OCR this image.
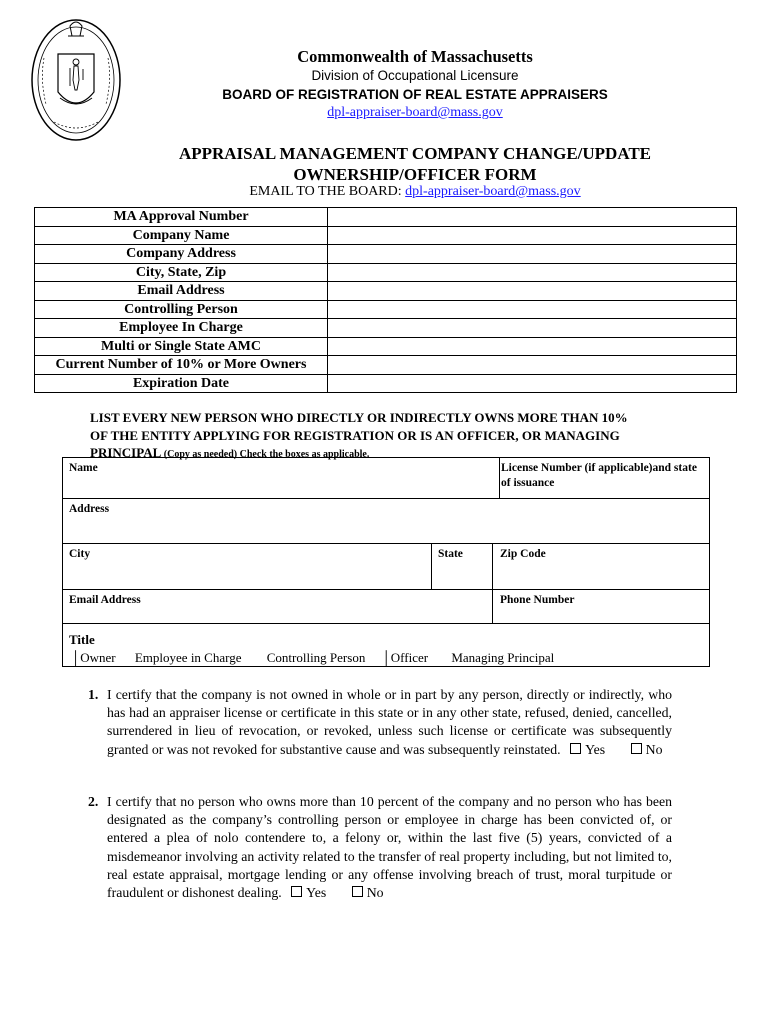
Commonwealth of Massachusetts
Division of Occupational Licensure
BOARD OF REGISTRATION OF REAL ESTATE APPRAISERS
dpl-appraiser-board@mass.gov
APPRAISAL MANAGEMENT COMPANY CHANGE/UPDATE
OWNERSHIP/OFFICER FORM
EMAIL TO THE BOARD: dpl-appraiser-board@mass.gov
MA Approval Number	
Company Name	
Company Address	
City, State, Zip	
Email Address	
Controlling Person	
Employee In Charge	
Multi or Single State AMC	
Current Number of 10% or More Owners	
Expiration Date	
LIST EVERY NEW PERSON WHO DIRECTLY OR INDIRECTLY OWNS MORE THAN 10%
OF THE ENTITY APPLYING FOR REGISTRATION OR IS AN OFFICER, OR MANAGING
PRINCIPAL (Copy as needed) Check the boxes as applicable.
Name	License Number (if applicable)and state of issuance
Address
City	State	Zip Code
Email Address	Phone Number
Title
│Owner Employee in Charge Controlling Person │Officer Managing Principal
1. I certify that the company is not owned in whole or in part by any person, directly or indirectly, who has had an appraiser license or certificate in this state or in any other state, refused, denied, cancelled, surrendered in lieu of revocation, or revoked, unless such license or certificate was subsequently granted or was not revoked for substantive cause and was subsequently reinstated. Yes	No
2. I certify that no person who owns more than 10 percent of the company and no person who has been designated as the company’s controlling person or employee in charge has been convicted of, or entered a plea of nolo contendere to, a felony or, within the last five (5) years, convicted of a misdemeanor involving an activity related to the transfer of real property including, but not limited to, real estate appraisal, mortgage lending or any offense involving breach of trust, moral turpitude or fraudulent or dishonest dealing. Yes	No
